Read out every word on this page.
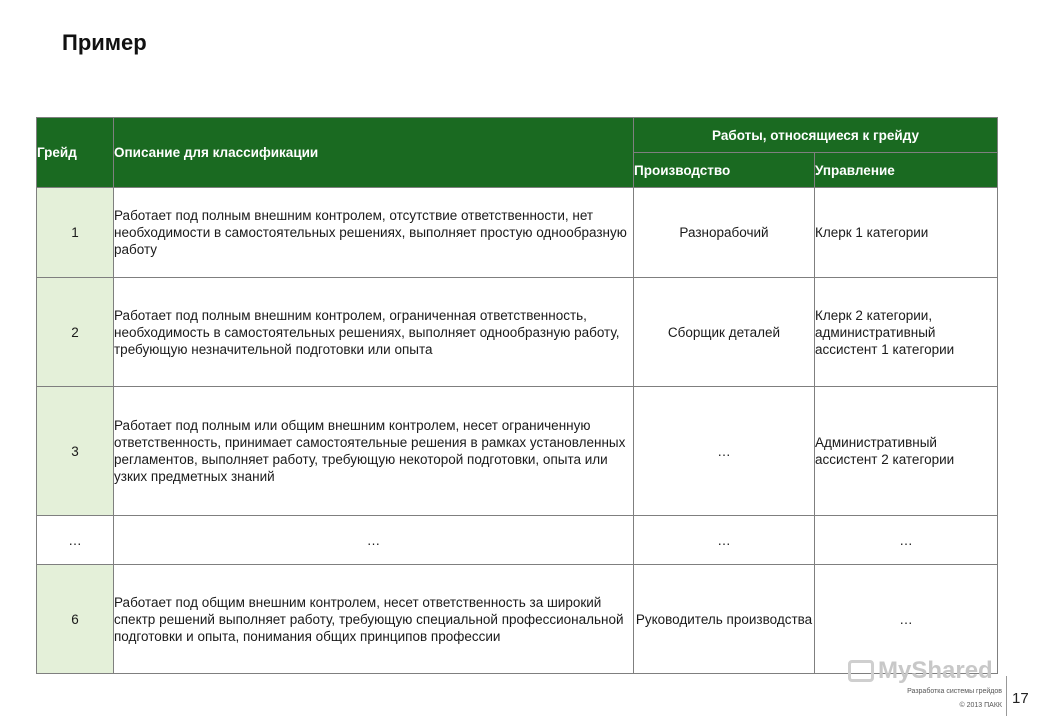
Пример
Грейд	Описание для классификации	Работы, относящиеся к грейду	
		Производство	Управление
1	Работает под полным внешним контролем, отсутствие ответственности, нет необходимости в самостоятельных решениях, выполняет простую однообразную работу	Разнорабочий	Клерк 1 категории
2	Работает под полным внешним контролем, ограниченная ответственность, необходимость в самостоятельных решениях, выполняет однообразную работу, требующую незначительной подготовки или опыта	Сборщик деталей	Клерк 2 категории, административный ассистент 1 категории
3	Работает под полным или общим внешним контролем, несет ограниченную ответственность, принимает самостоятельные решения в рамках установленных регламентов, выполняет работу, требующую некоторой подготовки, опыта или узких предметных знаний	…	Административный ассистент 2 категории
…	…	…	…
6	Работает под общим внешним контролем, несет ответственность за широкий спектр решений выполняет работу, требующую специальной профессиональной подготовки и опыта, понимания общих принципов профессии	Руководитель производства	…
MyShared
Разработка системы грейдов
© 2013 ПАКК 17
